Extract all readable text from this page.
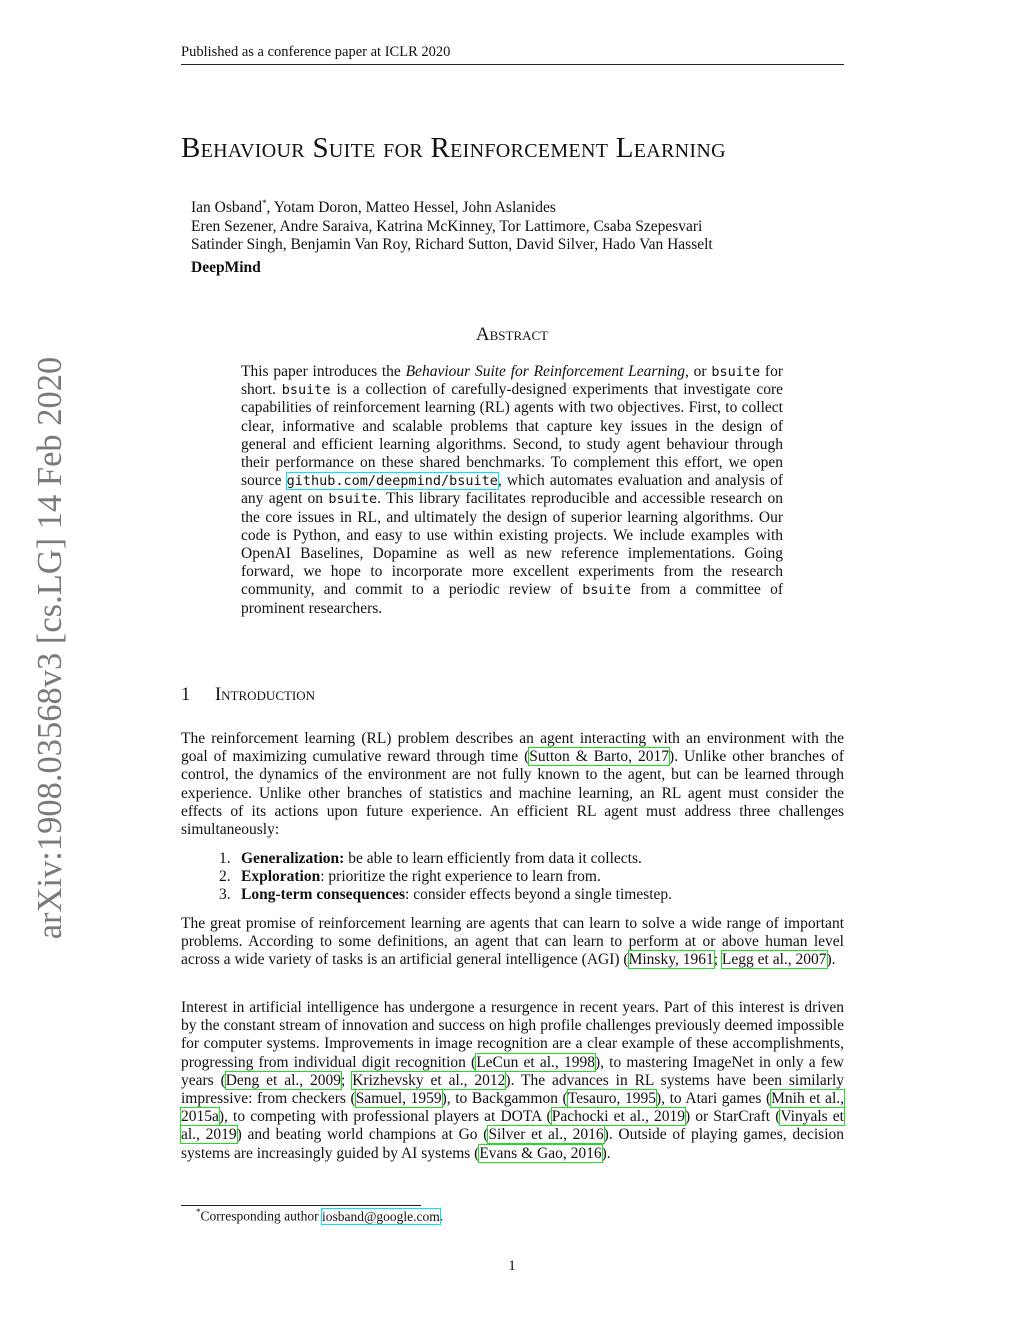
Published as a conference paper at ICLR 2020
arXiv:1908.03568v3 [cs.LG] 14 Feb 2020
Behaviour Suite for Reinforcement Learning
Ian Osband*, Yotam Doron, Matteo Hessel, John Aslanides
Eren Sezener, Andre Saraiva, Katrina McKinney, Tor Lattimore, Csaba Szepesvari
Satinder Singh, Benjamin Van Roy, Richard Sutton, David Silver, Hado Van Hasselt
DeepMind
Abstract
This paper introduces the Behaviour Suite for Reinforcement Learning, or bsuite for short. bsuite is a collection of carefully-designed experiments that investigate core capabilities of reinforcement learning (RL) agents with two objectives. First, to collect clear, informative and scalable problems that capture key issues in the design of general and efficient learning algorithms. Second, to study agent behaviour through their performance on these shared benchmarks. To complement this effort, we open source github.com/deepmind/bsuite, which automates evaluation and analysis of any agent on bsuite. This library facilitates reproducible and accessible research on the core issues in RL, and ultimately the design of superior learning algorithms. Our code is Python, and easy to use within existing projects. We include examples with OpenAI Baselines, Dopamine as well as new reference implementations. Going forward, we hope to incorporate more excellent experiments from the research community, and commit to a periodic review of bsuite from a committee of prominent researchers.
1 Introduction
The reinforcement learning (RL) problem describes an agent interacting with an environment with the goal of maximizing cumulative reward through time (Sutton & Barto, 2017). Unlike other branches of control, the dynamics of the environment are not fully known to the agent, but can be learned through experience. Unlike other branches of statistics and machine learning, an RL agent must consider the effects of its actions upon future experience. An efficient RL agent must address three challenges simultaneously:
1. Generalization: be able to learn efficiently from data it collects.
2. Exploration: prioritize the right experience to learn from.
3. Long-term consequences: consider effects beyond a single timestep.
The great promise of reinforcement learning are agents that can learn to solve a wide range of important problems. According to some definitions, an agent that can learn to perform at or above human level across a wide variety of tasks is an artificial general intelligence (AGI) (Minsky, 1961; Legg et al., 2007).
Interest in artificial intelligence has undergone a resurgence in recent years. Part of this interest is driven by the constant stream of innovation and success on high profile challenges previously deemed impossible for computer systems. Improvements in image recognition are a clear example of these accomplishments, progressing from individual digit recognition (LeCun et al., 1998), to mastering ImageNet in only a few years (Deng et al., 2009; Krizhevsky et al., 2012). The advances in RL systems have been similarly impressive: from checkers (Samuel, 1959), to Backgammon (Tesauro, 1995), to Atari games (Mnih et al., 2015a), to competing with professional players at DOTA (Pachocki et al., 2019) or StarCraft (Vinyals et al., 2019) and beating world champions at Go (Silver et al., 2016). Outside of playing games, decision systems are increasingly guided by AI systems (Evans & Gao, 2016).
*Corresponding author iosband@google.com.
1
